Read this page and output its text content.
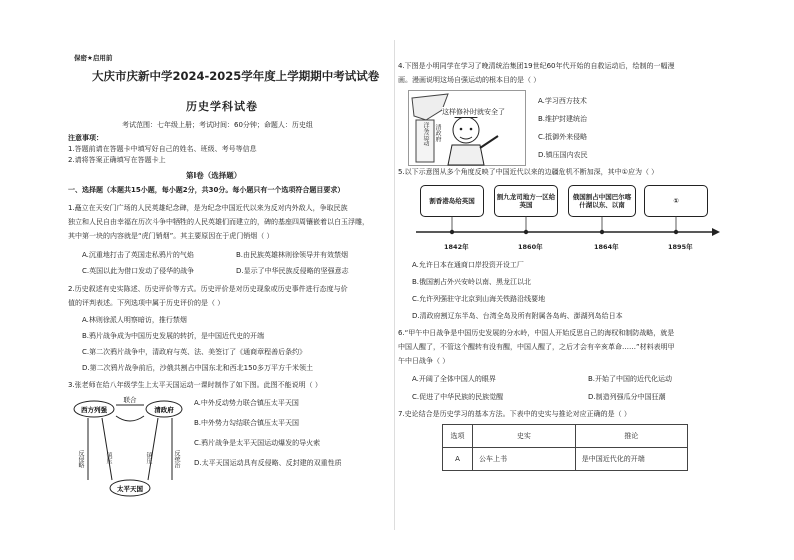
保密★启用前
大庆市庆新中学2024-2025学年度上学期期中考试试卷
历史学科试卷
考试范围：七年级上册；考试时间：60分钟；命题人：历史组
注意事项：
1.答题前请在答题卡中填写好自己的姓名、班级、考号等信息
2.请将答案正确填写在答题卡上
第Ⅰ卷（选择题）
一、选择题（本题共15小题，每小题2分，共30分。每小题只有一个选项符合题目要求）
1.矗立在天安门广场的人民英雄纪念碑，是为纪念中国近代以来为反对内外敌人，争取民族
独立和人民自由幸福在历次斗争中牺牲的人民英雄们而建立的，碑的基座四周镶嵌着以白玉浮雕，
其中第一块的内容就是“虎门销烟”。其主要原因在于虎门销烟（ ）
A.沉重地打击了英国走私鸦片的气焰	B.由民族英雄林则徐领导并有效禁烟
C.英国以此为借口发动了侵华的战争	D.显示了中华民族反侵略的坚强意志
2.历史叙述有史实陈述、历史评价等方式。历史评价是对历史现象或历史事件进行态度与价
值的评判表述。下列选项中属于历史评价的是（ ）
A.林则徐派人明察暗访，推行禁烟
B.鸦片战争成为中国历史发展的转折，是中国近代史的开端
C.第二次鸦片战争中，清政府与英、法、美签订了《通商章程善后条约》
D.第二次鸦片战争前后，沙俄共割占中国东北和西北150多万平方千米领土
3.张老师在给八年级学生上太平天国运动一课时制作了如下图。此图不能说明（ ）
西方列强	清政府
太平天国
联合
反侵略	镇压	镇压	反统治
A.中外反动势力联合镇压太平天国
B.中外势力勾结联合镇压太平天国
C.鸦片战争是太平天国运动爆发的导火索
D.太平天国运动具有反侵略、反封建的双重性质
4.下图是小明同学在学习了晚清统治集团19世纪60年代开始的自救运动后，绘制的一幅漫
画。漫画说明这场自强运动的根本目的是（ ）
这样修补时就安全了
洋务运动 清政府
A.学习西方技术
B.维护封建统治
C.抵御外来侵略
D.镇压国内农民
5.以下示意图从多个角度反映了中国近代以来的边疆危机不断加深，其中①应为（ ）
割香港岛给英国	割九龙司地方一区给英国
俄国割占中国巴尔喀什湖以东、以南	①
1842年	1860年	1864年	1895年
A.允许日本在通商口岸投资开设工厂
B.俄国割占外兴安岭以南、黑龙江以北
C.允许列强驻守北京到山海关铁路沿线要地
D.清政府割辽东半岛、台湾全岛及所有附属各岛屿、澎湖列岛给日本
6.“甲午中日战争是中国历史发展的分水岭，中国人开始反思自己的海权和制防战略，就是
中国人醒了，不管这个醒转有没有醒，中国人醒了，之后才会有辛亥革命……”材料表明甲
午中日战争（ ）
A.开阔了全体中国人的眼界	B.开始了中国的近代化运动
C.促进了中华民族的民族觉醒	D.制造列强瓜分中国狂潮
7.史论结合是历史学习的基本方法。下表中的史实与推论对应正确的是（ ）
选项	史实	推论
A	公车上书	是中国近代化的开端
